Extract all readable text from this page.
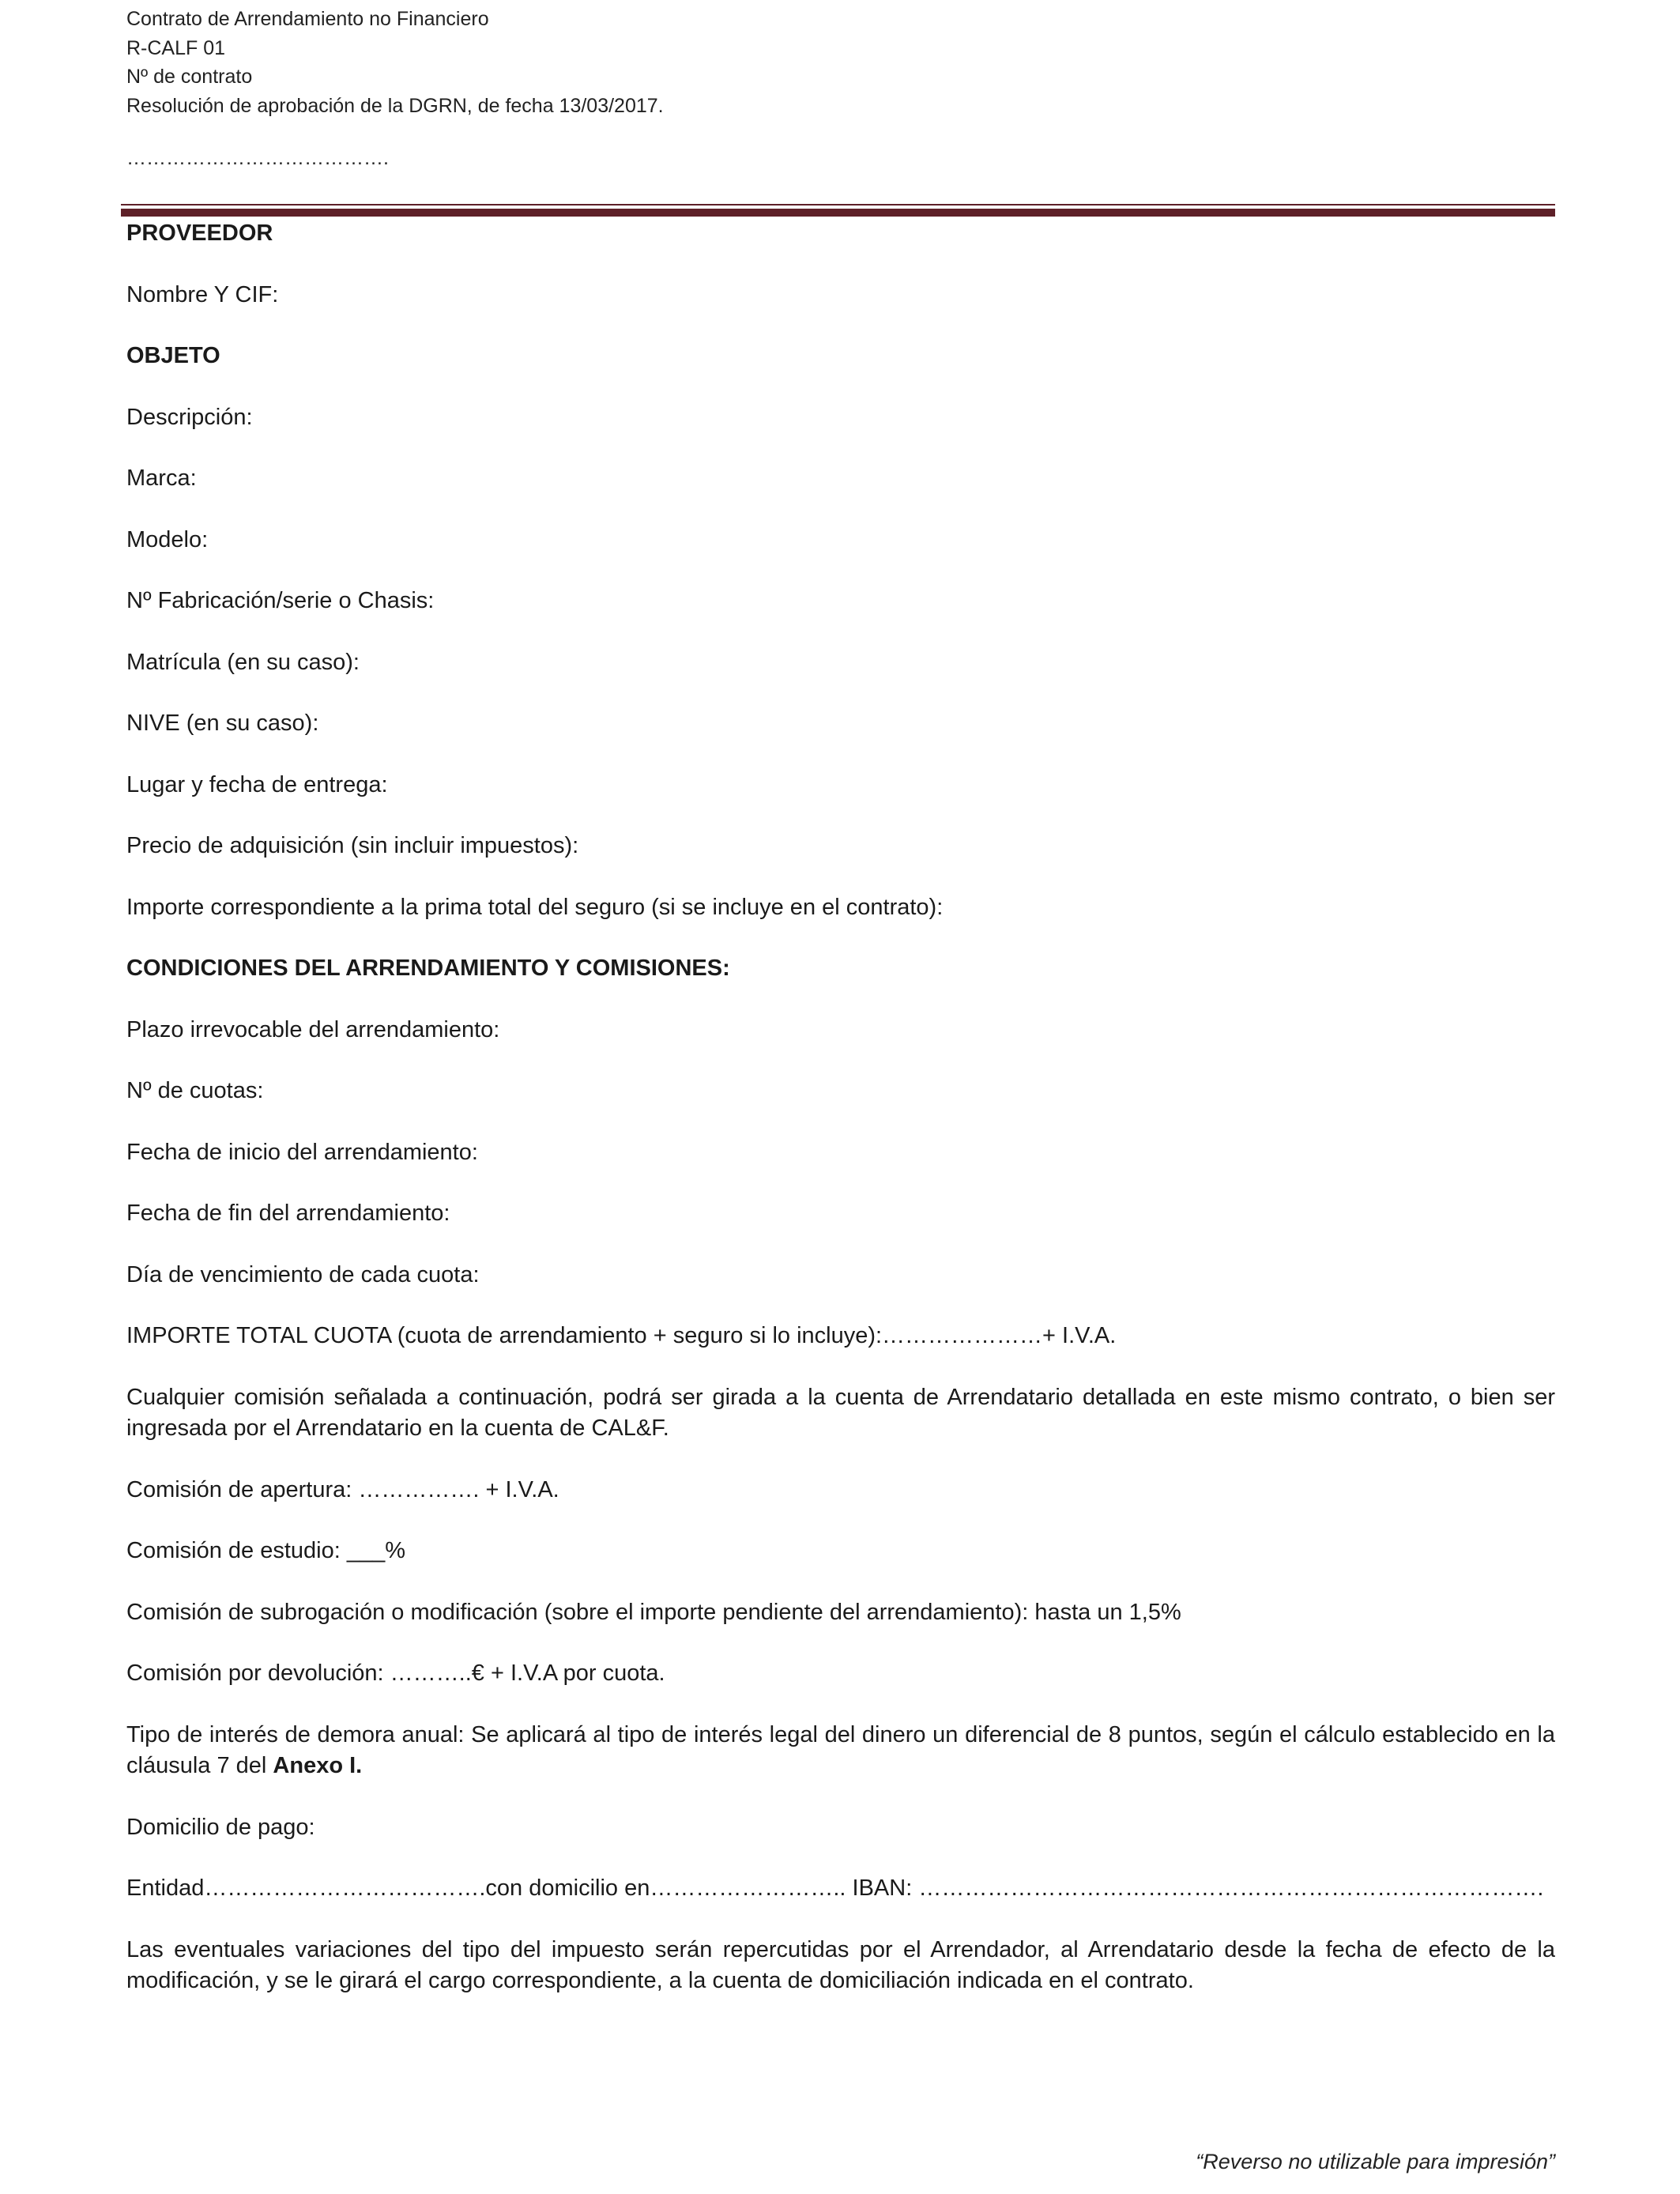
Contrato de Arrendamiento no Financiero
R-CALF 01
Nº de contrato
Resolución de aprobación de la DGRN, de fecha 13/03/2017.
………………………………….

PROVEEDOR

Nombre Y CIF:

OBJETO

Descripción:

Marca:

Modelo:

Nº Fabricación/serie o Chasis:

Matrícula (en su caso):

NIVE (en su caso):

Lugar y fecha de entrega:

Precio de adquisición (sin incluir impuestos):

Importe correspondiente a la prima total del seguro (si se incluye en el contrato):

CONDICIONES DEL ARRENDAMIENTO Y COMISIONES:

Plazo irrevocable del arrendamiento:

Nº de cuotas:

Fecha de inicio del arrendamiento:

Fecha de fin del arrendamiento:

Día de vencimiento de cada cuota:

IMPORTE TOTAL CUOTA (cuota de arrendamiento + seguro si lo incluye):…………………+ I.V.A.

Cualquier comisión señalada a continuación, podrá ser girada a la cuenta de Arrendatario detallada en este mismo contrato, o bien ser ingresada por el Arrendatario en la cuenta de CAL&F.

Comisión de apertura: ……………. + I.V.A.

Comisión de estudio: ___%

Comisión de subrogación o modificación (sobre el importe pendiente del arrendamiento): hasta un 1,5%

Comisión por devolución: ………..€ + I.V.A por cuota.

Tipo de interés de demora anual: Se aplicará al tipo de interés legal del dinero un diferencial de 8 puntos, según el cálculo establecido en la cláusula 7 del Anexo I.

Domicilio de pago:

Entidad……………………………….con domicilio en…………………….. IBAN: ……………………………………………………………………….

Las eventuales variaciones del tipo del impuesto serán repercutidas por el Arrendador, al Arrendatario desde la fecha de efecto de la modificación, y se le girará el cargo correspondiente, a la cuenta de domiciliación indicada en el contrato.

“Reverso no utilizable para impresión”
